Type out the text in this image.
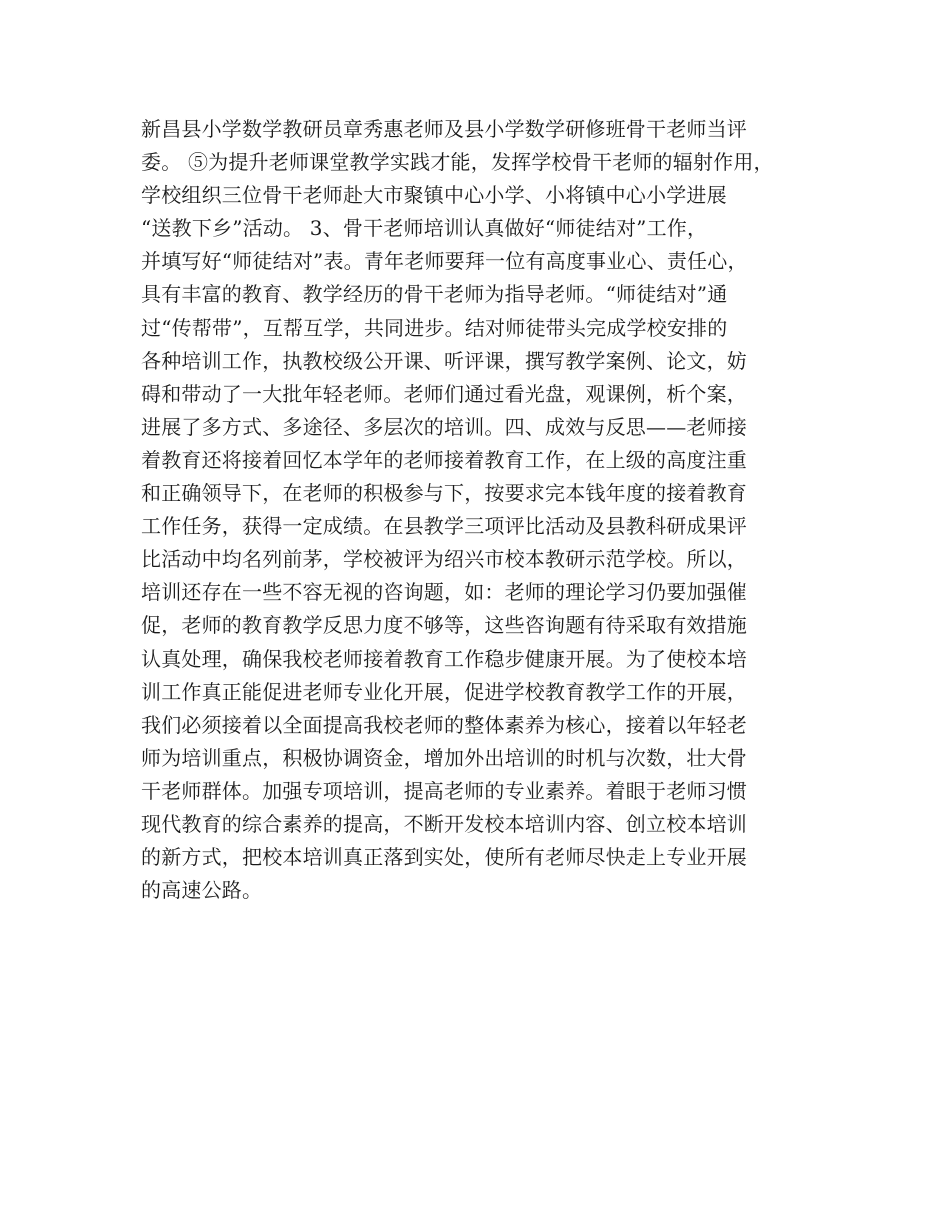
新昌县小学数学教研员章秀惠老师及县小学数学研修班骨干老师当评
委。 ⑤为提升老师课堂教学实践才能，发挥学校骨干老师的辐射作用，
学校组织三位骨干老师赴大市聚镇中心小学、小将镇中心小学进展
“送教下乡”活动。 3、骨干老师培训认真做好“师徒结对”工作，
并填写好“师徒结对”表。青年老师要拜一位有高度事业心、责任心，
具有丰富的教育、教学经历的骨干老师为指导老师。“师徒结对”通
过“传帮带”，互帮互学，共同进步。结对师徒带头完成学校安排的
各种培训工作，执教校级公开课、听评课，撰写教学案例、论文，妨
碍和带动了一大批年轻老师。老师们通过看光盘，观课例，析个案，
进展了多方式、多途径、多层次的培训。四、成效与反思——老师接
着教育还将接着回忆本学年的老师接着教育工作，在上级的高度注重
和正确领导下，在老师的积极参与下，按要求完本钱年度的接着教育
工作任务，获得一定成绩。在县教学三项评比活动及县教科研成果评
比活动中均名列前茅，学校被评为绍兴市校本教研示范学校。所以，
培训还存在一些不容无视的咨询题，如：老师的理论学习仍要加强催
促，老师的教育教学反思力度不够等，这些咨询题有待采取有效措施
认真处理，确保我校老师接着教育工作稳步健康开展。为了使校本培
训工作真正能促进老师专业化开展，促进学校教育教学工作的开展，
我们必须接着以全面提高我校老师的整体素养为核心，接着以年轻老
师为培训重点，积极协调资金，增加外出培训的时机与次数，壮大骨
干老师群体。加强专项培训，提高老师的专业素养。着眼于老师习惯
现代教育的综合素养的提高，不断开发校本培训内容、创立校本培训
的新方式，把校本培训真正落到实处，使所有老师尽快走上专业开展
的高速公路。
